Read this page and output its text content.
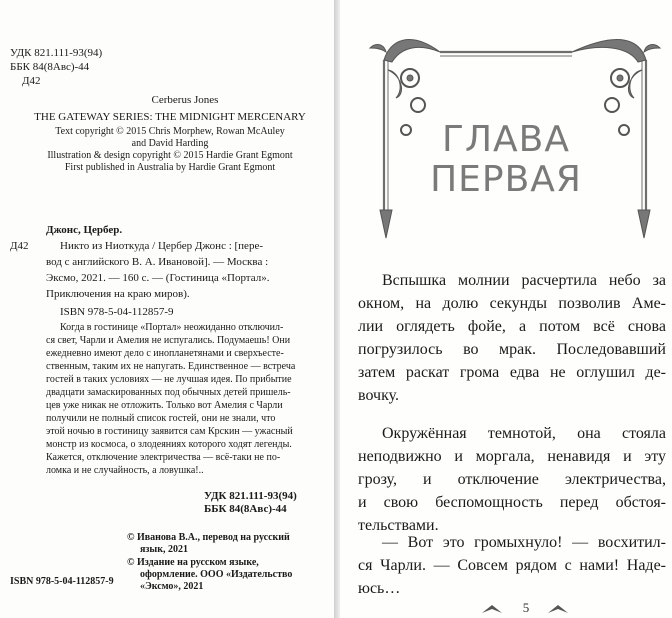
УДК 821.111-93(94)
ББК 84(8Авс)-44
Д42
Cerberus Jones
THE GATEWAY SERIES: THE MIDNIGHT MERCENARY
Text copyright © 2015 Chris Morphew, Rowan McAuley
and David Harding
Illustration & design copyright © 2015 Hardie Grant Egmont
First published in Australia by Hardie Grant Egmont
Джонс, Цербер.
Д42	Никто из Ниоткуда / Цербер Джонс : [пере-
вод с английского В. А. Ивановой]. — Москва :
Эксмо, 2021. — 160 с. — (Гостиница «Портал».
Приключения на краю миров).
ISBN 978-5-04-112857-9
Когда в гостинице «Портал» неожиданно отключил-
ся свет, Чарли и Амелия не испугались. Подумаешь! Они
ежедневно имеют дело с инопланетянами и сверхъесте-
ственным, таким их не напугать. Единственное — встреча
гостей в таких условиях — не лучшая идея. По прибытие
двадцати замаскированных под обычных детей пришель-
цев уже никак не отложить. Только вот Амелия с Чарли
получили не полный список гостей, они не знали, что
этой ночью в гостиницу заявится сам Крскин — ужасный
монстр из космоса, о злодеяниях которого ходят легенды.
Кажется, отключение электричества — всё-таки не по-
ломка и не случайность, а ловушка!..
УДК 821.111-93(94)
ББК 84(8Авс)-44
© Иванова В.А., перевод на русский
язык, 2021
© Издание на русском языке,
оформление. ООО «Издательство
«Эксмо», 2021
ISBN 978-5-04-112857-9
ГЛАВА
ПЕРВАЯ
Вспышка молнии расчертила небо за
окном, на долю секунды позволив Аме-
лии оглядеть фойе, а потом всё снова
погрузилось во мрак. Последовавший
затем раскат грома едва не оглушил де-
вочку.
Окружённая темнотой, она стояла
неподвижно и моргала, ненавидя и эту
грозу, и отключение электричества,
и свою беспомощность перед обстоя-
тельствами.
— Вот это громыхнуло! — восхитил-
ся Чарли. — Совсем рядом с нами! Наде-
юсь…
5
